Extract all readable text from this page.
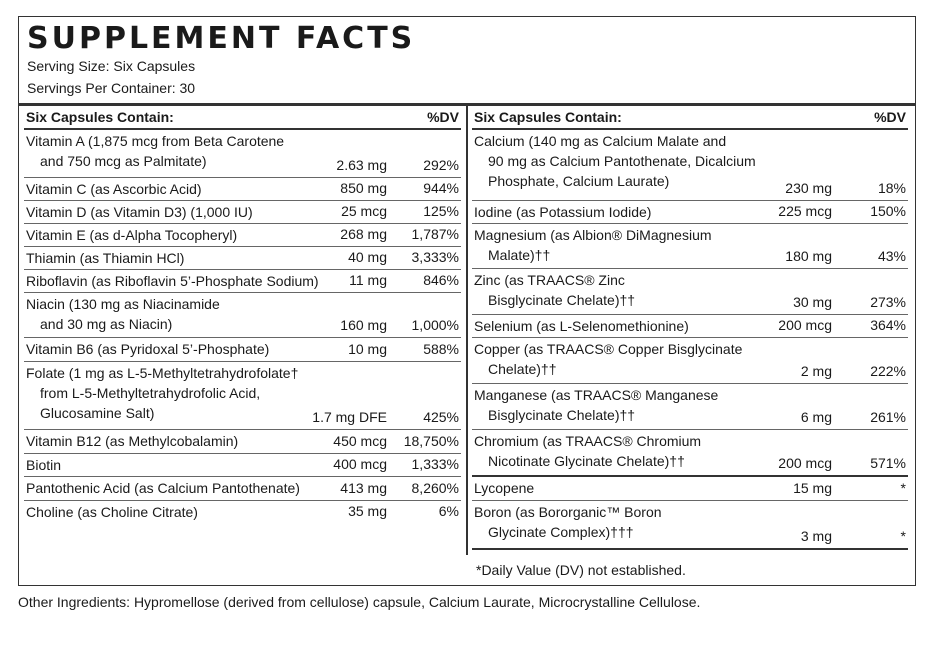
SUPPLEMENT FACTS
Serving Size: Six Capsules
Servings Per Container: 30
Six Capsules Contain:	%DV
Vitamin A (1,875 mcg from Beta Carotene
and 750 mcg as Palmitate)	2.63 mg	292%
Vitamin C (as Ascorbic Acid)	850 mg	944%
Vitamin D (as Vitamin D3) (1,000 IU)	25 mcg	125%
Vitamin E (as d-Alpha Tocopheryl)	268 mg 1,787%
Thiamin (as Thiamin HCl)	40 mg 3,333%
Riboflavin (as Riboflavin 5’-Phosphate Sodium)	11 mg	846%
Niacin (130 mg as Niacinamide
and 30 mg as Niacin)	160 mg 1,000%
Vitamin B6 (as Pyridoxal 5’-Phosphate)	10 mg	588%
Folate (1 mg as L-5-Methyltetrahydrofolate†
from L-5-Methyltetrahydrofolic Acid,
Glucosamine Salt)	1.7 mg DFE	425%
Vitamin B12 (as Methylcobalamin)	450 mcg 18,750%
Biotin	400 mcg 1,333%
Pantothenic Acid (as Calcium Pantothenate)	413 mg 8,260%
Choline (as Choline Citrate)	35 mg	6%
Six Capsules Contain:	%DV
Calcium (140 mg as Calcium Malate and
90 mg as Calcium Pantothenate, Dicalcium
Phosphate, Calcium Laurate)	230 mg	18%
Iodine (as Potassium Iodide)	225 mcg	150%
Magnesium (as Albion® DiMagnesium
Malate)††	180 mg	43%
Zinc (as TRAACS® Zinc
Bisglycinate Chelate)††	30 mg	273%
Selenium (as L-Selenomethionine)	200 mcg	364%
Copper (as TRAACS® Copper Bisglycinate
Chelate)††	2 mg	222%
Manganese (as TRAACS® Manganese
Bisglycinate Chelate)††	6 mg	261%
Chromium (as TRAACS® Chromium
Nicotinate Glycinate Chelate)††	200 mcg	571%
Lycopene	15 mg	*
Boron (as Bororganic™ Boron
Glycinate Complex)†††	3 mg	*
*Daily Value (DV) not established.
Other Ingredients: Hypromellose (derived from cellulose) capsule, Calcium Laurate, Microcrystalline Cellulose.
